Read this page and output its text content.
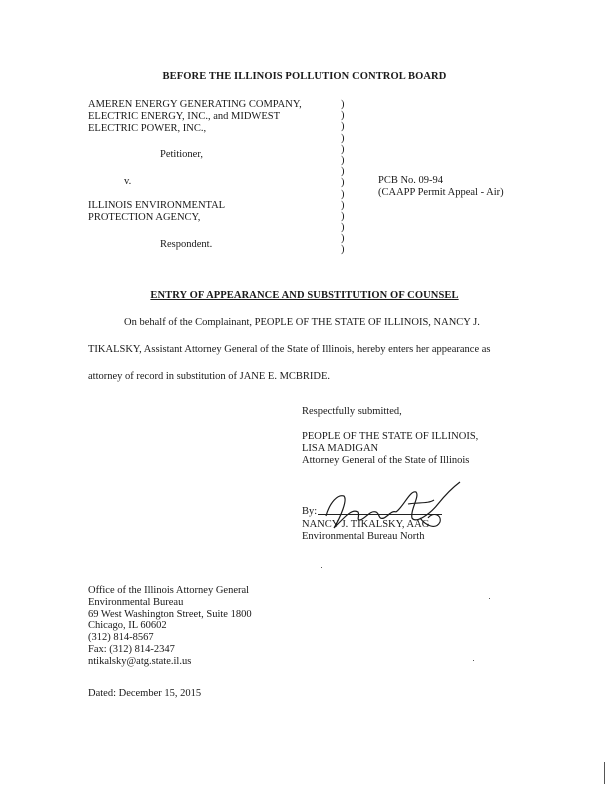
BEFORE THE ILLINOIS POLLUTION CONTROL BOARD
AMEREN ENERGY GENERATING COMPANY,
ELECTRIC ENERGY, INC., and MIDWEST
ELECTRIC POWER, INC.,
Petitioner,
v.
ILLINOIS ENVIRONMENTAL
PROTECTION AGENCY,
Respondent.
)
)
)
)
)
)
)
)
)
)
)
)
)
)
PCB No. 09-94
(CAAPP Permit Appeal - Air)
ENTRY OF APPEARANCE AND SUBSTITUTION OF COUNSEL
On behalf of the Complainant, PEOPLE OF THE STATE OF ILLINOIS, NANCY J.
TIKALSKY, Assistant Attorney General of the State of Illinois, hereby enters her appearance as
attorney of record in substitution of JANE E. MCBRIDE.
Respectfully submitted,
PEOPLE OF THE STATE OF ILLINOIS,
LISA MADIGAN
Attorney General of the State of Illinois
By:
NANCY J. TIKALSKY, AAG
Environmental Bureau North
Office of the Illinois Attorney General
Environmental Bureau
69 West Washington Street, Suite 1800
Chicago, IL 60602
(312) 814-8567
Fax: (312) 814-2347
ntikalsky@atg.state.il.us
Dated: December 15, 2015
